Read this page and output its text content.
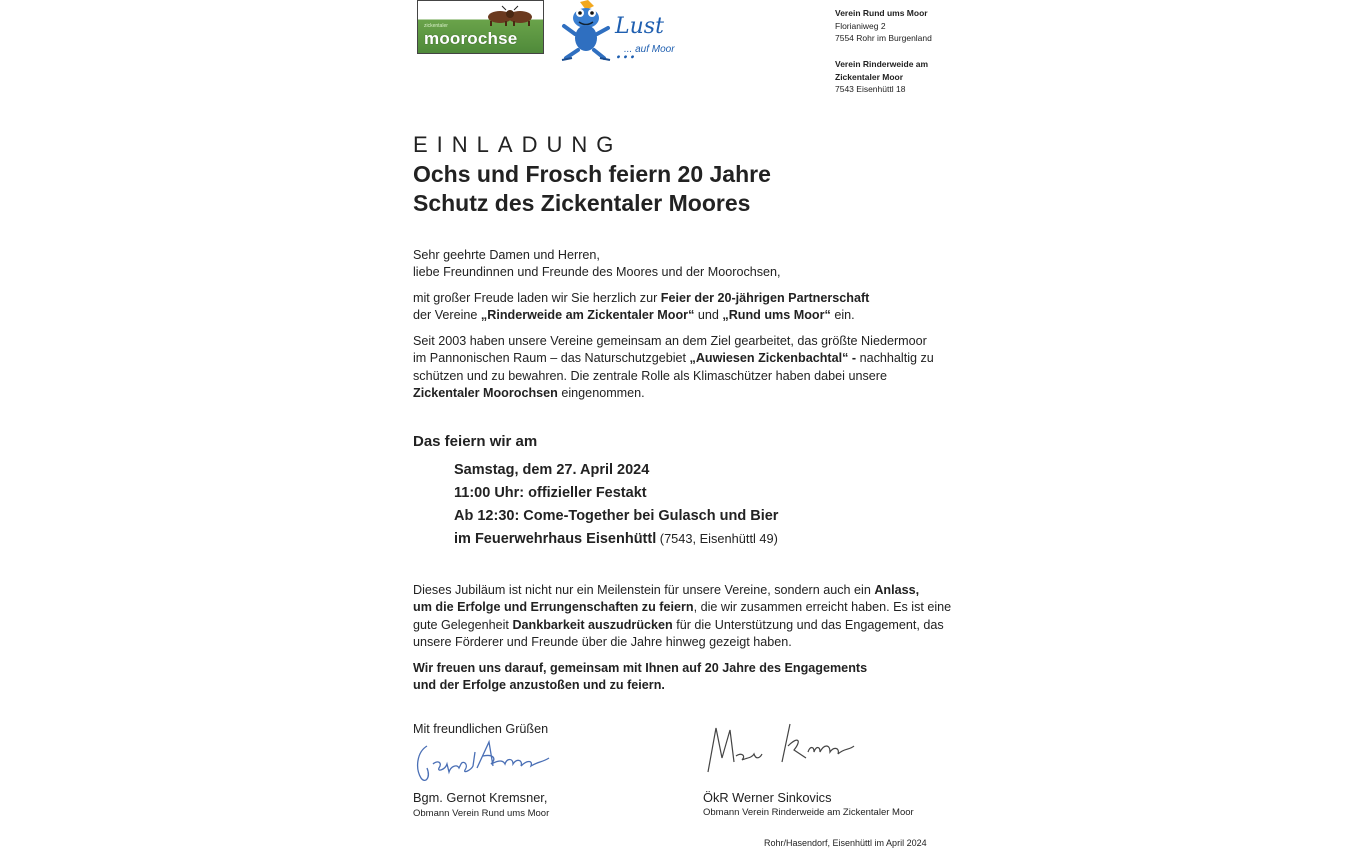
zickentaler
moorochse	Lust ...
... auf Moor
Verein Rund ums Moor
Florianiweg 2
7554 Rohr im Burgenland
Verein Rinderweide am
Zickentaler Moor
7543 Eisenhüttl 18
EINLADUNG
Ochs und Frosch feiern 20 Jahre
Schutz des Zickentaler Moores
Sehr geehrte Damen und Herren,
liebe Freundinnen und Freunde des Moores und der Moorochsen,
mit großer Freude laden wir Sie herzlich zur Feier der 20-jährigen Partnerschaft
der Vereine „Rinderweide am Zickentaler Moor“ und „Rund ums Moor“ ein.
Seit 2003 haben unsere Vereine gemeinsam an dem Ziel gearbeitet, das größte Niedermoor
im Pannonischen Raum – das Naturschutzgebiet „Auwiesen Zickenbachtal“ - nachhaltig zu
schützen und zu bewahren. Die zentrale Rolle als Klimaschützer haben dabei unsere
Zickentaler Moorochsen eingenommen.
Das feiern wir am
Samstag, dem 27. April 2024
11:00 Uhr: offizieller Festakt
Ab 12:30: Come-Together bei Gulasch und Bier
im Feuerwehrhaus Eisenhüttl (7543, Eisenhüttl 49)
Dieses Jubiläum ist nicht nur ein Meilenstein für unsere Vereine, sondern auch ein Anlass,
um die Erfolge und Errungenschaften zu feiern, die wir zusammen erreicht haben. Es ist eine
gute Gelegenheit Dankbarkeit auszudrücken für die Unterstützung und das Engagement, das
unsere Förderer und Freunde über die Jahre hinweg gezeigt haben.
Wir freuen uns darauf, gemeinsam mit Ihnen auf 20 Jahre des Engagements
und der Erfolge anzustoßen und zu feiern.
Mit freundlichen Grüßen
Bgm. Gernot Kremsner,
Obmann Verein Rund ums Moor
ÖkR Werner Sinkovics
Obmann Verein Rinderweide am Zickentaler Moor
Rohr/Hasendorf, Eisenhüttl im April 2024
